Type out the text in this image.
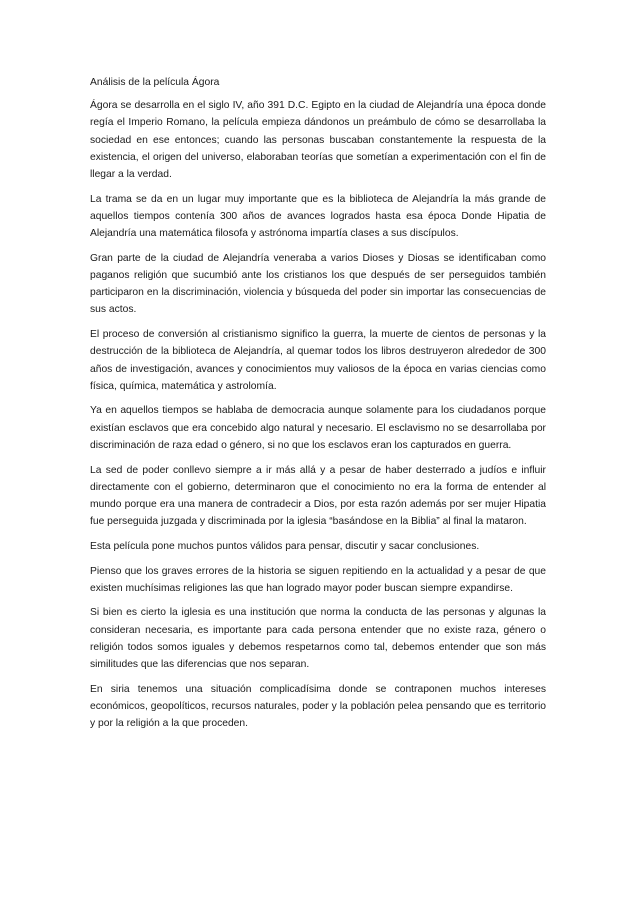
Análisis de la película Ágora

Ágora se desarrolla en el siglo IV, año 391 D.C. Egipto en la ciudad de Alejandría una época donde regía el Imperio Romano, la película empieza dándonos un preámbulo de cómo se desarrollaba la sociedad en ese entonces; cuando las personas buscaban constantemente la respuesta de la existencia, el origen del universo, elaboraban teorías que sometían a experimentación con el fin de llegar a la verdad.

La trama se da en un lugar muy importante que es la biblioteca de Alejandría la más grande de aquellos tiempos contenía 300 años de avances logrados hasta esa época Donde Hipatia de Alejandría una matemática filosofa y astrónoma impartía clases a sus discípulos.

Gran parte de la ciudad de Alejandría veneraba a varios Dioses y Diosas se identificaban como paganos religión que sucumbió ante los cristianos los que después de ser perseguidos también participaron en la discriminación, violencia y búsqueda del poder sin importar las consecuencias de sus actos.

El proceso de conversión al cristianismo significo la guerra, la muerte de cientos de personas y la destrucción de la biblioteca de Alejandría, al quemar todos los libros destruyeron alrededor de 300 años de investigación, avances y conocimientos muy valiosos de la época en varias ciencias como física, química, matemática y astrolomía.

Ya en aquellos tiempos se hablaba de democracia aunque solamente para los ciudadanos porque existían esclavos que era concebido algo natural y necesario. El esclavismo no se desarrollaba por discriminación de raza edad o género, si no que los esclavos eran los capturados en guerra.

La sed de poder conllevo siempre a ir más allá y a pesar de haber desterrado a judíos e influir directamente con el gobierno, determinaron que el conocimiento no era la forma de entender al mundo porque era una manera de contradecir a Dios, por esta razón además por ser mujer Hipatia fue perseguida juzgada y discriminada por la iglesia “basándose en la Biblia” al final la mataron.

Esta película pone muchos puntos válidos para pensar, discutir y sacar conclusiones.

Pienso que los graves errores de la historia se siguen repitiendo en la actualidad y a pesar de que existen muchísimas religiones las que han logrado mayor poder buscan siempre expandirse.

Si bien es cierto la iglesia es una institución que norma la conducta de las personas y algunas la consideran necesaria, es importante para cada persona entender que no existe raza, género o religión todos somos iguales y debemos respetarnos como tal, debemos entender que son más similitudes que las diferencias que nos separan.

En siria tenemos una situación complicadísima donde se contraponen muchos intereses económicos, geopolíticos, recursos naturales, poder y la población pelea pensando que es territorio y por la religión a la que proceden.
